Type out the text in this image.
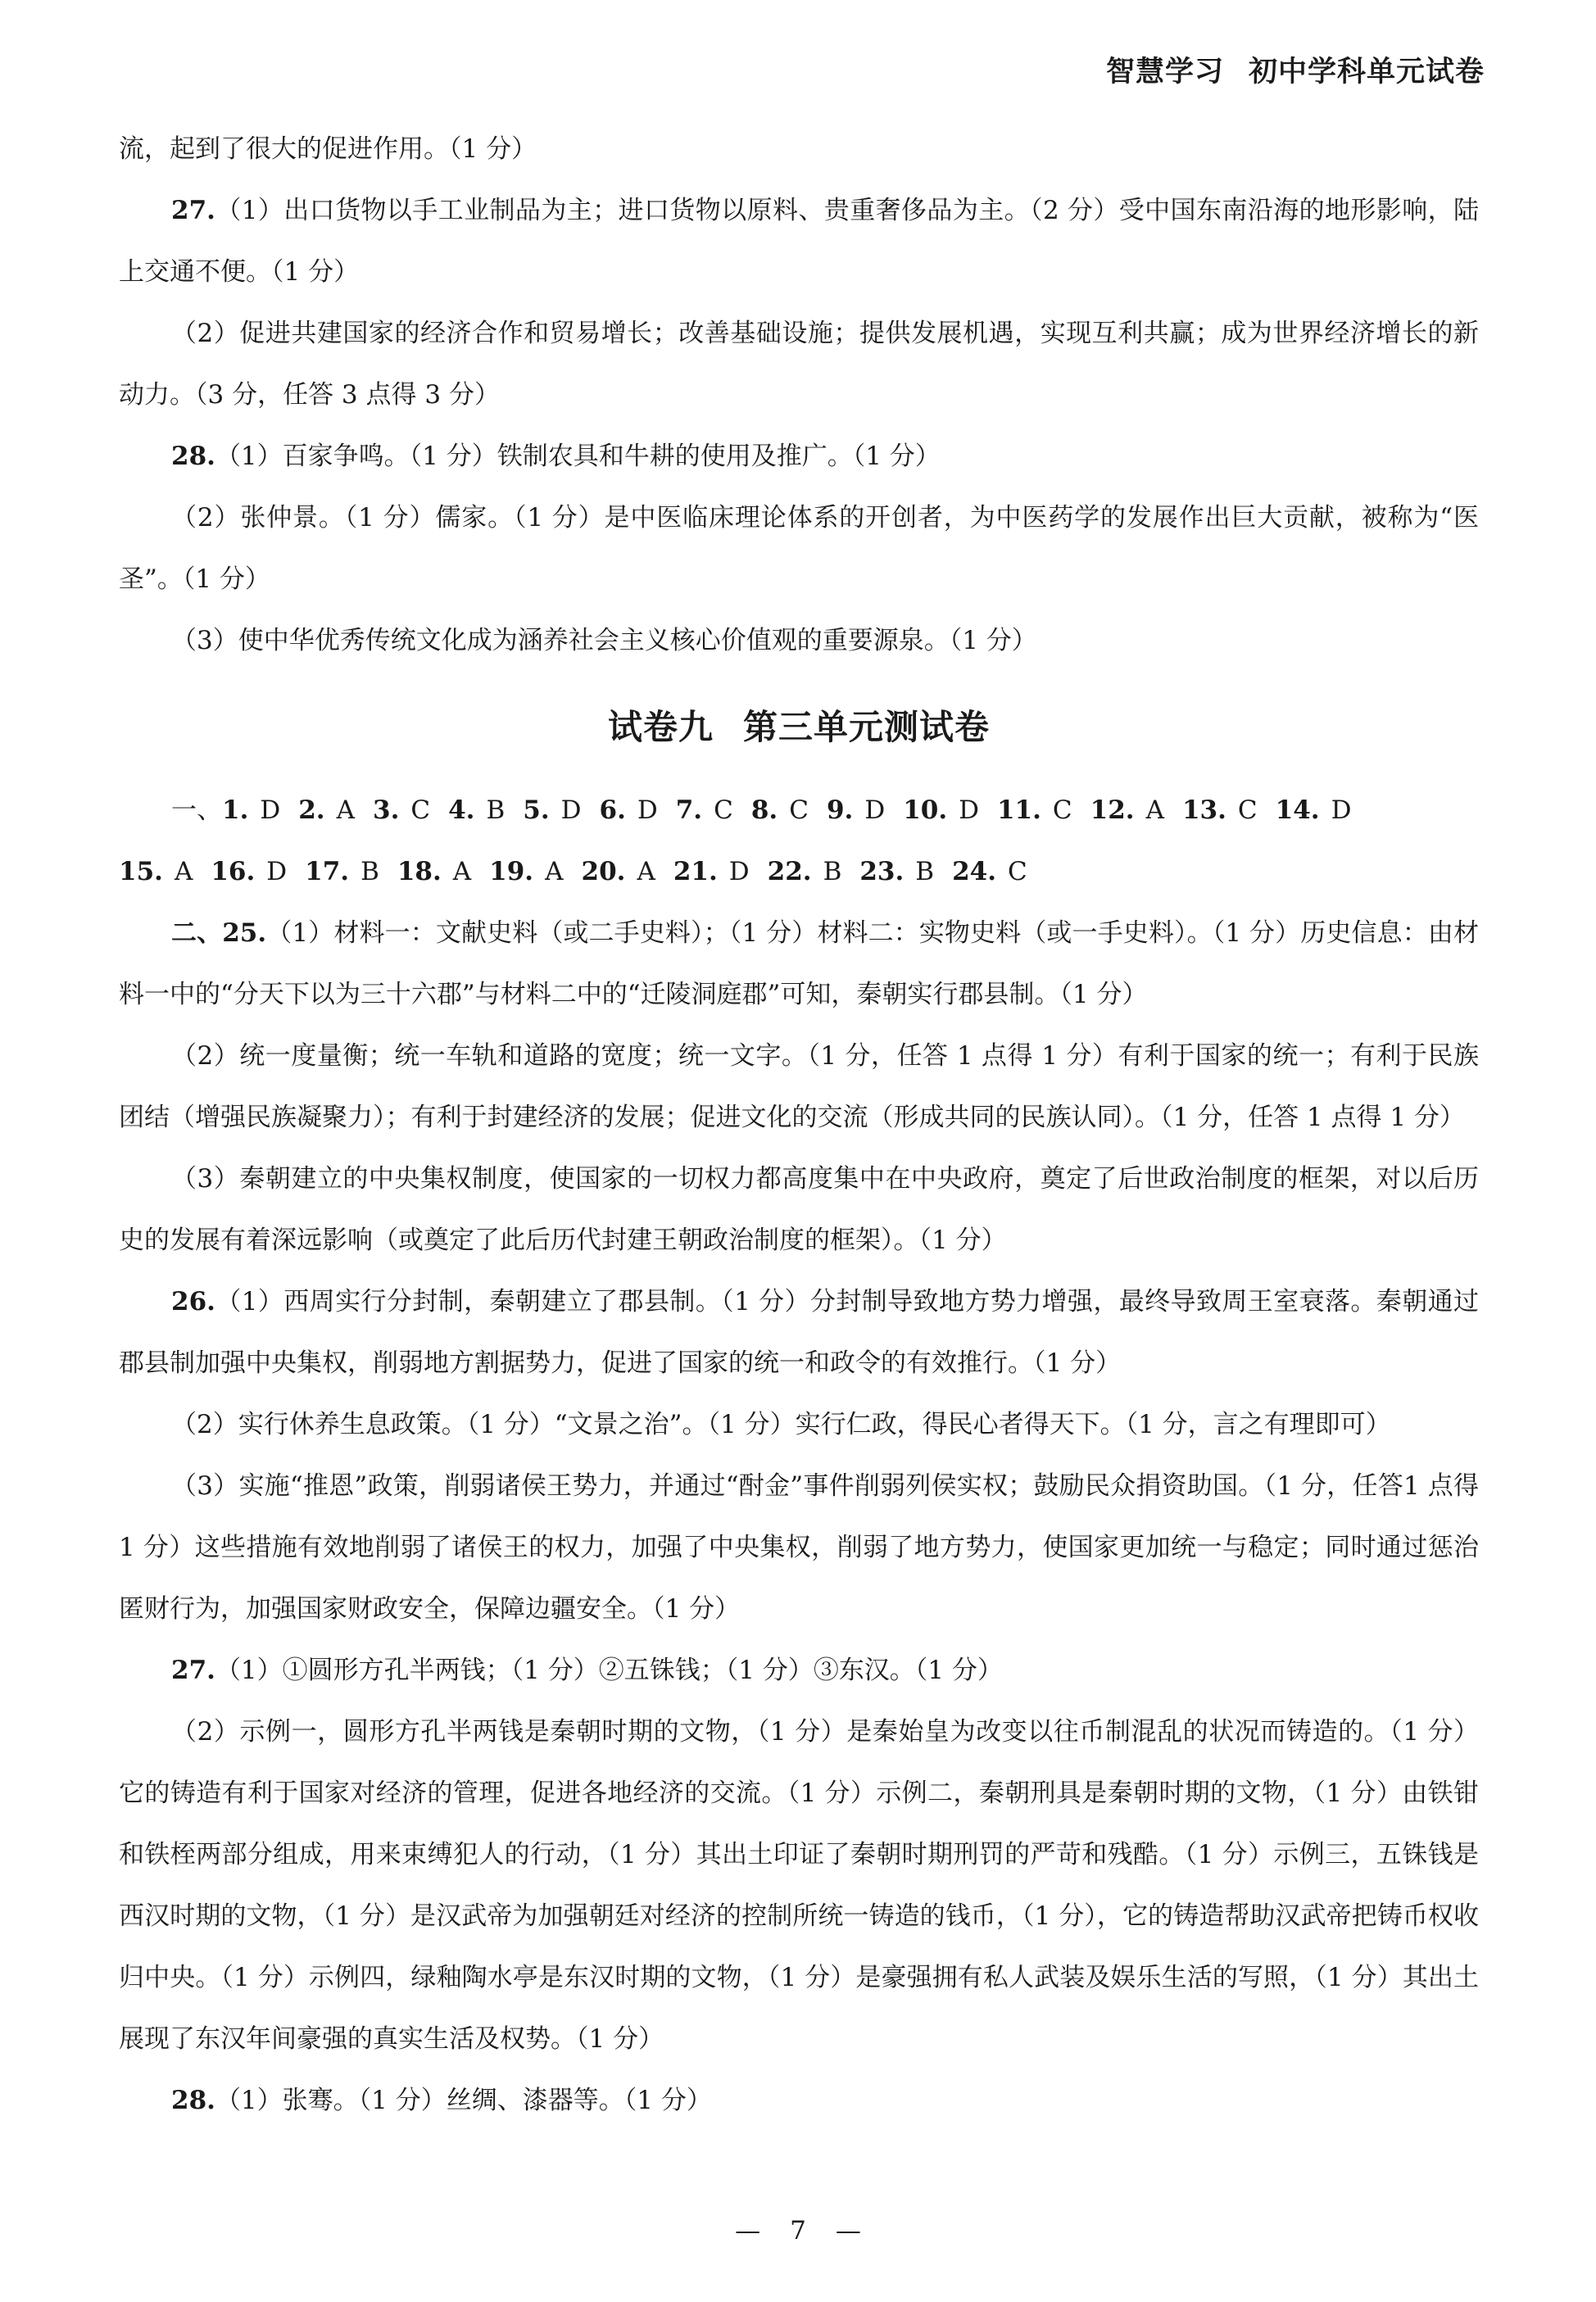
智慧学习 初中学科单元试卷

流，起到了很大的促进作用。（1 分）

27.（1）出口货物以手工业制品为主；进口货物以原料、贵重奢侈品为主。（2 分）受中国东南沿海的地形影响，陆上交通不便。（1 分）

（2）促进共建国家的经济合作和贸易增长；改善基础设施；提供发展机遇，实现互利共赢；成为世界经济增长的新动力。（3 分，任答 3 点得 3 分）

28.（1）百家争鸣。（1 分）铁制农具和牛耕的使用及推广。（1 分）

（2）张仲景。（1 分）儒家。（1 分）是中医临床理论体系的开创者，为中医药学的发展作出巨大贡献，被称为“医圣”。（1 分）

（3）使中华优秀传统文化成为涵养社会主义核心价值观的重要源泉。（1 分）

试卷九 第三单元测试卷

一、1. D 2. A 3. C 4. B 5. D 6. D 7. C 8. C 9. D 10. D 11. C 12. A 13. C 14. D

15. A 16. D 17. B 18. A 19. A 20. A 21. D 22. B 23. B 24. C

二、25.（1）材料一：文献史料（或二手史料）；（1 分）材料二：实物史料（或一手史料）。（1 分）历史信息：由材料一中的“分天下以为三十六郡”与材料二中的“迁陵洞庭郡”可知，秦朝实行郡县制。（1 分）

（2）统一度量衡；统一车轨和道路的宽度；统一文字。（1 分，任答 1 点得 1 分）有利于国家的统一；有利于民族团结（增强民族凝聚力）；有利于封建经济的发展；促进文化的交流（形成共同的民族认同）。（1 分，任答 1 点得 1 分）

（3）秦朝建立的中央集权制度，使国家的一切权力都高度集中在中央政府，奠定了后世政治制度的框架，对以后历史的发展有着深远影响（或奠定了此后历代封建王朝政治制度的框架）。（1 分）

26.（1）西周实行分封制，秦朝建立了郡县制。（1 分）分封制导致地方势力增强，最终导致周王室衰落。秦朝通过郡县制加强中央集权，削弱地方割据势力，促进了国家的统一和政令的有效推行。（1 分）

（2）实行休养生息政策。（1 分）“文景之治”。（1 分）实行仁政，得民心者得天下。（1 分，言之有理即可）

（3）实施“推恩”政策，削弱诸侯王势力，并通过“酎金”事件削弱列侯实权；鼓励民众捐资助国。（1 分，任答1 点得 1 分）这些措施有效地削弱了诸侯王的权力，加强了中央集权，削弱了地方势力，使国家更加统一与稳定；同时通过惩治匿财行为，加强国家财政安全，保障边疆安全。（1 分）

27.（1）①圆形方孔半两钱；（1 分）②五铢钱；（1 分）③东汉。（1 分）

（2）示例一，圆形方孔半两钱是秦朝时期的文物，（1 分）是秦始皇为改变以往币制混乱的状况而铸造的。（1 分）它的铸造有利于国家对经济的管理，促进各地经济的交流。（1 分）示例二，秦朝刑具是秦朝时期的文物，（1 分）由铁钳和铁桎两部分组成，用来束缚犯人的行动，（1 分）其出土印证了秦朝时期刑罚的严苛和残酷。（1 分）示例三，五铢钱是西汉时期的文物，（1 分）是汉武帝为加强朝廷对经济的控制所统一铸造的钱币，（1 分），它的铸造帮助汉武帝把铸币权收归中央。（1 分）示例四，绿釉陶水亭是东汉时期的文物，（1 分）是豪强拥有私人武装及娱乐生活的写照，（1 分）其出土展现了东汉年间豪强的真实生活及权势。（1 分）

28.（1）张骞。（1 分）丝绸、漆器等。（1 分）

— 7 —
